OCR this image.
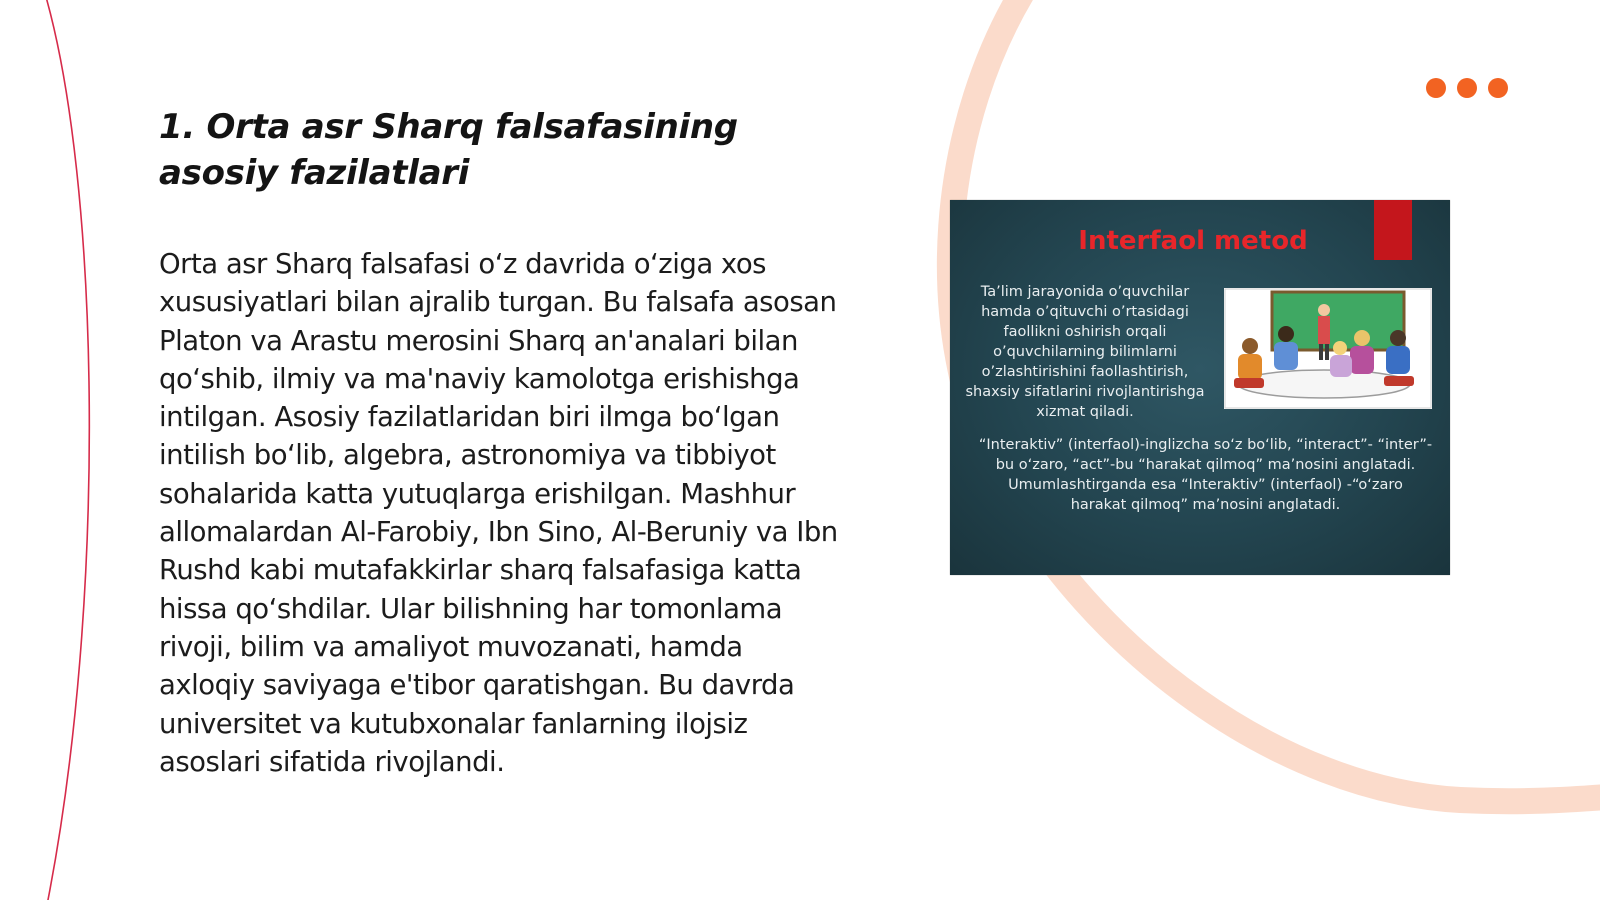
1. Orta asr Sharq falsafasining asosiy fazilatlari

Orta asr Sharq falsafasi o‘z davrida o‘ziga xos xususiyatlari bilan ajralib turgan. Bu falsafa asosan Platon va Arastu merosini Sharq an'analari bilan qo‘shib, ilmiy va ma'naviy kamolotga erishishga intilgan. Asosiy fazilatlaridan biri ilmga bo‘lgan intilish bo‘lib, algebra, astronomiya va tibbiyot sohalarida katta yutuqlarga erishilgan. Mashhur allomalardan Al-Farobiy, Ibn Sino, Al-Beruniy va Ibn Rushd kabi mutafakkirlar sharq falsafasiga katta hissa qo‘shdilar. Ular bilishning har tomonlama rivoji, bilim va amaliyot muvozanati, hamda axloqiy saviyaga e'tibor qaratishgan. Bu davrda universitet va kutubxonalar fanlarning ilojsiz asoslari sifatida rivojlandi.

Interfaol metod

Ta’lim jarayonida o’quvchilar hamda o’qituvchi o’rtasidagi faollikni oshirish orqali o’quvchilarning bilimlarni o’zlashtirishini faollashtirish, shaxsiy sifatlarini rivojlantirishga xizmat qiladi.

“Interaktiv” (interfaol)-inglizcha so‘z bo‘lib, “interact”- “inter”-bu o‘zaro, “act”-bu “harakat qilmoq” ma’nosini anglatadi. Umumlashtirganda esa “Interaktiv” (interfaol) -“o‘zaro harakat qilmoq” ma’nosini anglatadi.
